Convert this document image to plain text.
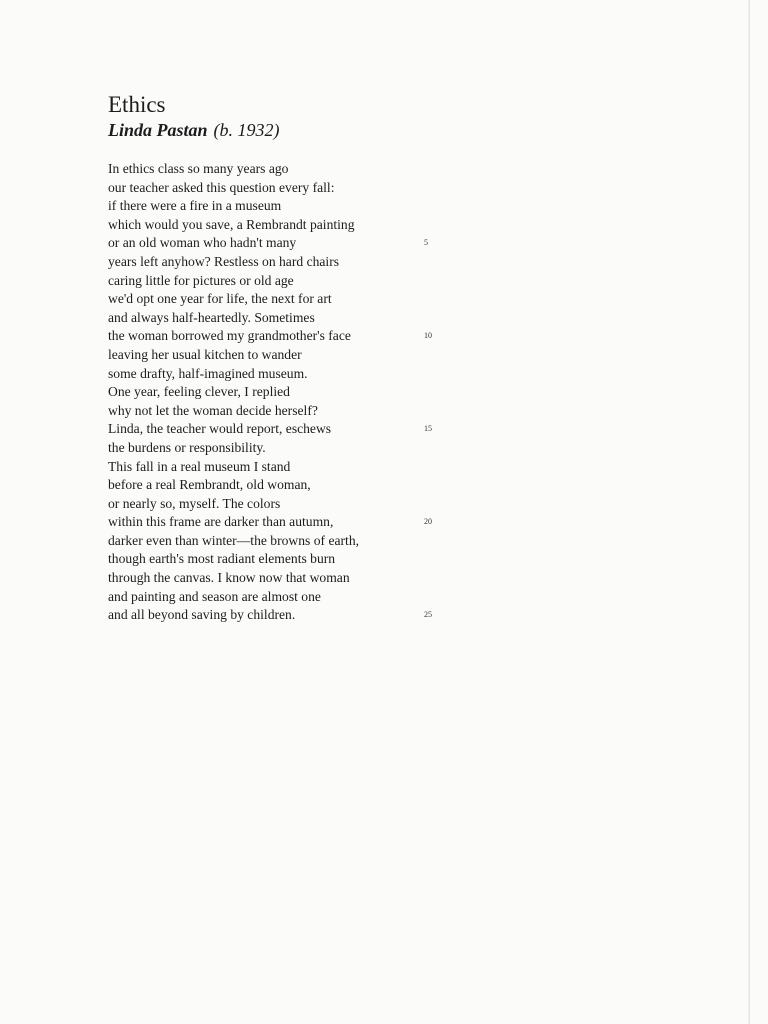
Ethics
Linda Pastan (b. 1932)
In ethics class so many years ago
our teacher asked this question every fall:
if there were a fire in a museum
which would you save, a Rembrandt painting
or an old woman who hadn't many	5
years left anyhow? Restless on hard chairs
caring little for pictures or old age
we'd opt one year for life, the next for art
and always half-heartedly. Sometimes
the woman borrowed my grandmother's face	10
leaving her usual kitchen to wander
some drafty, half-imagined museum.
One year, feeling clever, I replied
why not let the woman decide herself?
Linda, the teacher would report, eschews	15
the burdens or responsibility.
This fall in a real museum I stand
before a real Rembrandt, old woman,
or nearly so, myself. The colors
within this frame are darker than autumn,	20
darker even than winter—the browns of earth,
though earth's most radiant elements burn
through the canvas. I know now that woman
and painting and season are almost one
and all beyond saving by children.	25
